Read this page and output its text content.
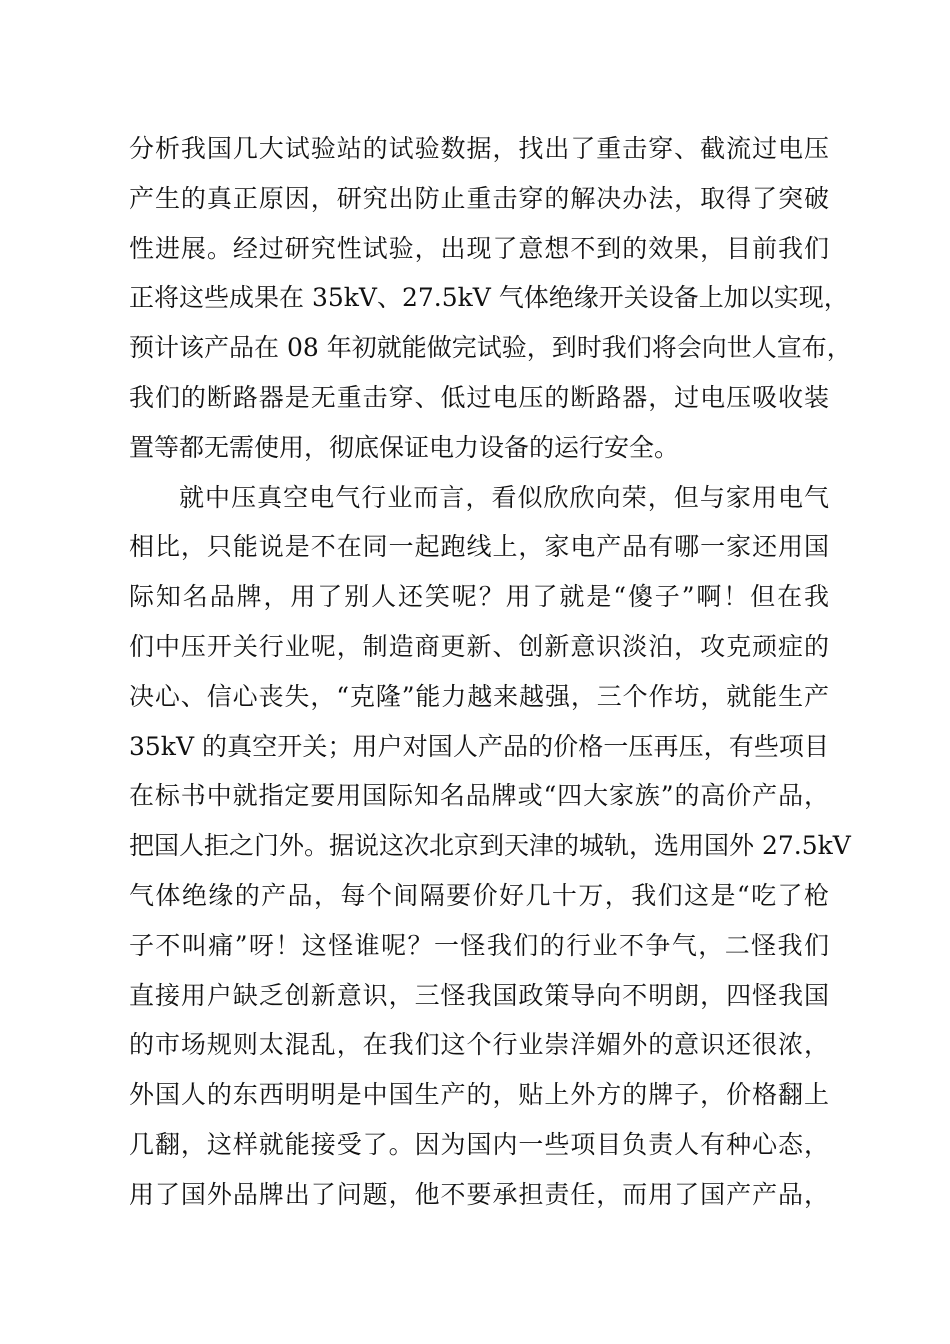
分析我国几大试验站的试验数据，找出了重击穿、截流过电压
产生的真正原因，研究出防止重击穿的解决办法，取得了突破
性进展。经过研究性试验，出现了意想不到的效果，目前我们
正将这些成果在 35kV、27.5kV 气体绝缘开关设备上加以实现，
预计该产品在 08 年初就能做完试验，到时我们将会向世人宣布，
我们的断路器是无重击穿、低过电压的断路器，过电压吸收装
置等都无需使用，彻底保证电力设备的运行安全。
就中压真空电气行业而言，看似欣欣向荣，但与家用电气
相比，只能说是不在同一起跑线上，家电产品有哪一家还用国
际知名品牌，用了别人还笑呢？用了就是“傻子”啊！但在我
们中压开关行业呢，制造商更新、创新意识淡泊，攻克顽症的
决心、信心丧失，“克隆”能力越来越强，三个作坊，就能生产
35kV 的真空开关；用户对国人产品的价格一压再压，有些项目
在标书中就指定要用国际知名品牌或“四大家族”的高价产品，
把国人拒之门外。据说这次北京到天津的城轨，选用国外 27.5kV
气体绝缘的产品，每个间隔要价好几十万，我们这是“吃了枪
子不叫痛”呀！这怪谁呢？一怪我们的行业不争气，二怪我们
直接用户缺乏创新意识，三怪我国政策导向不明朗，四怪我国
的市场规则太混乱，在我们这个行业崇洋媚外的意识还很浓，
外国人的东西明明是中国生产的，贴上外方的牌子，价格翻上
几翻，这样就能接受了。因为国内一些项目负责人有种心态，
用了国外品牌出了问题，他不要承担责任，而用了国产产品，
